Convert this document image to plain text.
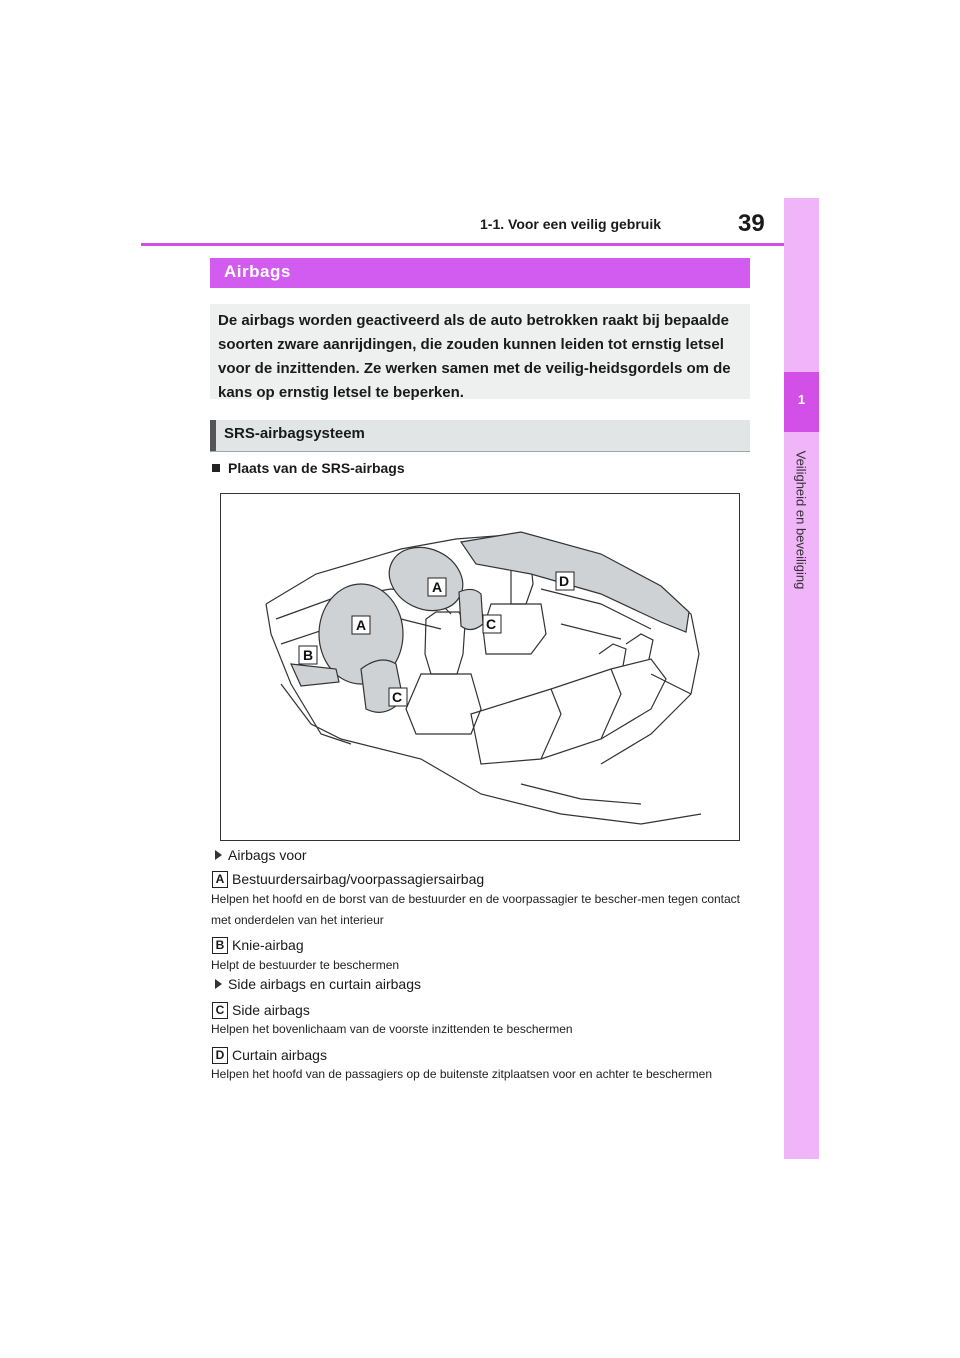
1-1. Voor een veilig gebruik	39
1
Veiligheid en beveiliging
Airbags
De airbags worden geactiveerd als de auto betrokken raakt bij bepaalde soorten zware aanrijdingen, die zouden kunnen leiden tot ernstig letsel voor de inzittenden. Ze werken samen met de veilig-heidsgordels om de kans op ernstig letsel te beperken.
SRS-airbagsysteem
Plaats van de SRS-airbags
A
A
B
C
C
D
Airbags voor
A Bestuurdersairbag/voorpassagiersairbag
Helpen het hoofd en de borst van de bestuurder en de voorpassagier te bescher-men tegen contact met onderdelen van het interieur
B Knie-airbag
Helpt de bestuurder te beschermen
Side airbags en curtain airbags
C Side airbags
Helpen het bovenlichaam van de voorste inzittenden te beschermen
D Curtain airbags
Helpen het hoofd van de passagiers op de buitenste zitplaatsen voor en achter te beschermen
